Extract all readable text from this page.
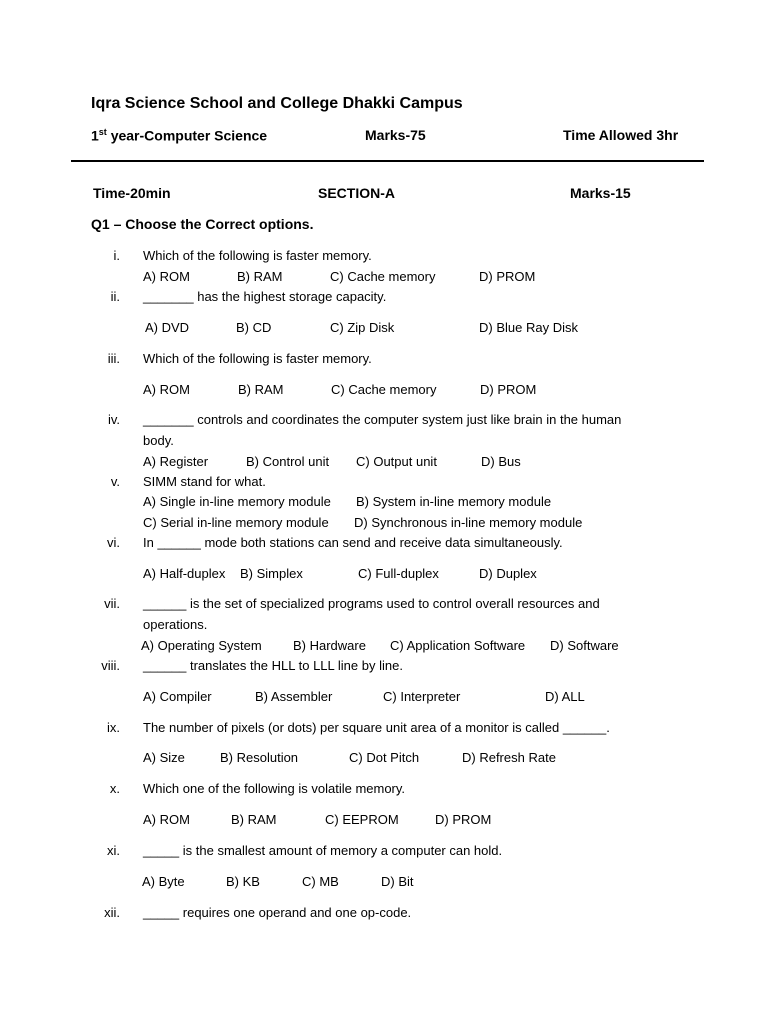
Iqra Science School and College Dhakki Campus
1st year-Computer Science	Marks-75	Time Allowed 3hr
Time-20min	SECTION-A	Marks-15
Q1 – Choose the Correct options.
i. Which of the following is faster memory.
A) ROM	B) RAM	C) Cache memory	D) PROM
ii. _______ has the highest storage capacity.
A) DVD	B) CD	C) Zip Disk	D) Blue Ray Disk
iii. Which of the following is faster memory.
A) ROM	B) RAM	C) Cache memory	D) PROM
iv. _______ controls and coordinates the computer system just like brain in the human
body.
A) Register	B) Control unit C) Output unit	D) Bus
v. SIMM stand for what.
A) Single in-line memory module B) System in-line memory module
C) Serial in-line memory module D) Synchronous in-line memory module
vi. In ______ mode both stations can send and receive data simultaneously.
A) Half-duplex B) Simplex	C) Full-duplex	D) Duplex
vii. ______ is the set of specialized programs used to control overall resources and
operations.
A) Operating System B) Hardware C) Application Software D) Software
viii. ______ translates the HLL to LLL line by line.
A) Compiler	B) Assembler	C) Interpreter	D) ALL
ix. The number of pixels (or dots) per square unit area of a monitor is called ______.
A) Size	B) Resolution	C) Dot Pitch	D) Refresh Rate
x. Which one of the following is volatile memory.
A) ROM	B) RAM	C) EEPROM	D) PROM
xi. _____ is the smallest amount of memory a computer can hold.
A) Byte	B) KB	C) MB	D) Bit
xii. _____ requires one operand and one op-code.
